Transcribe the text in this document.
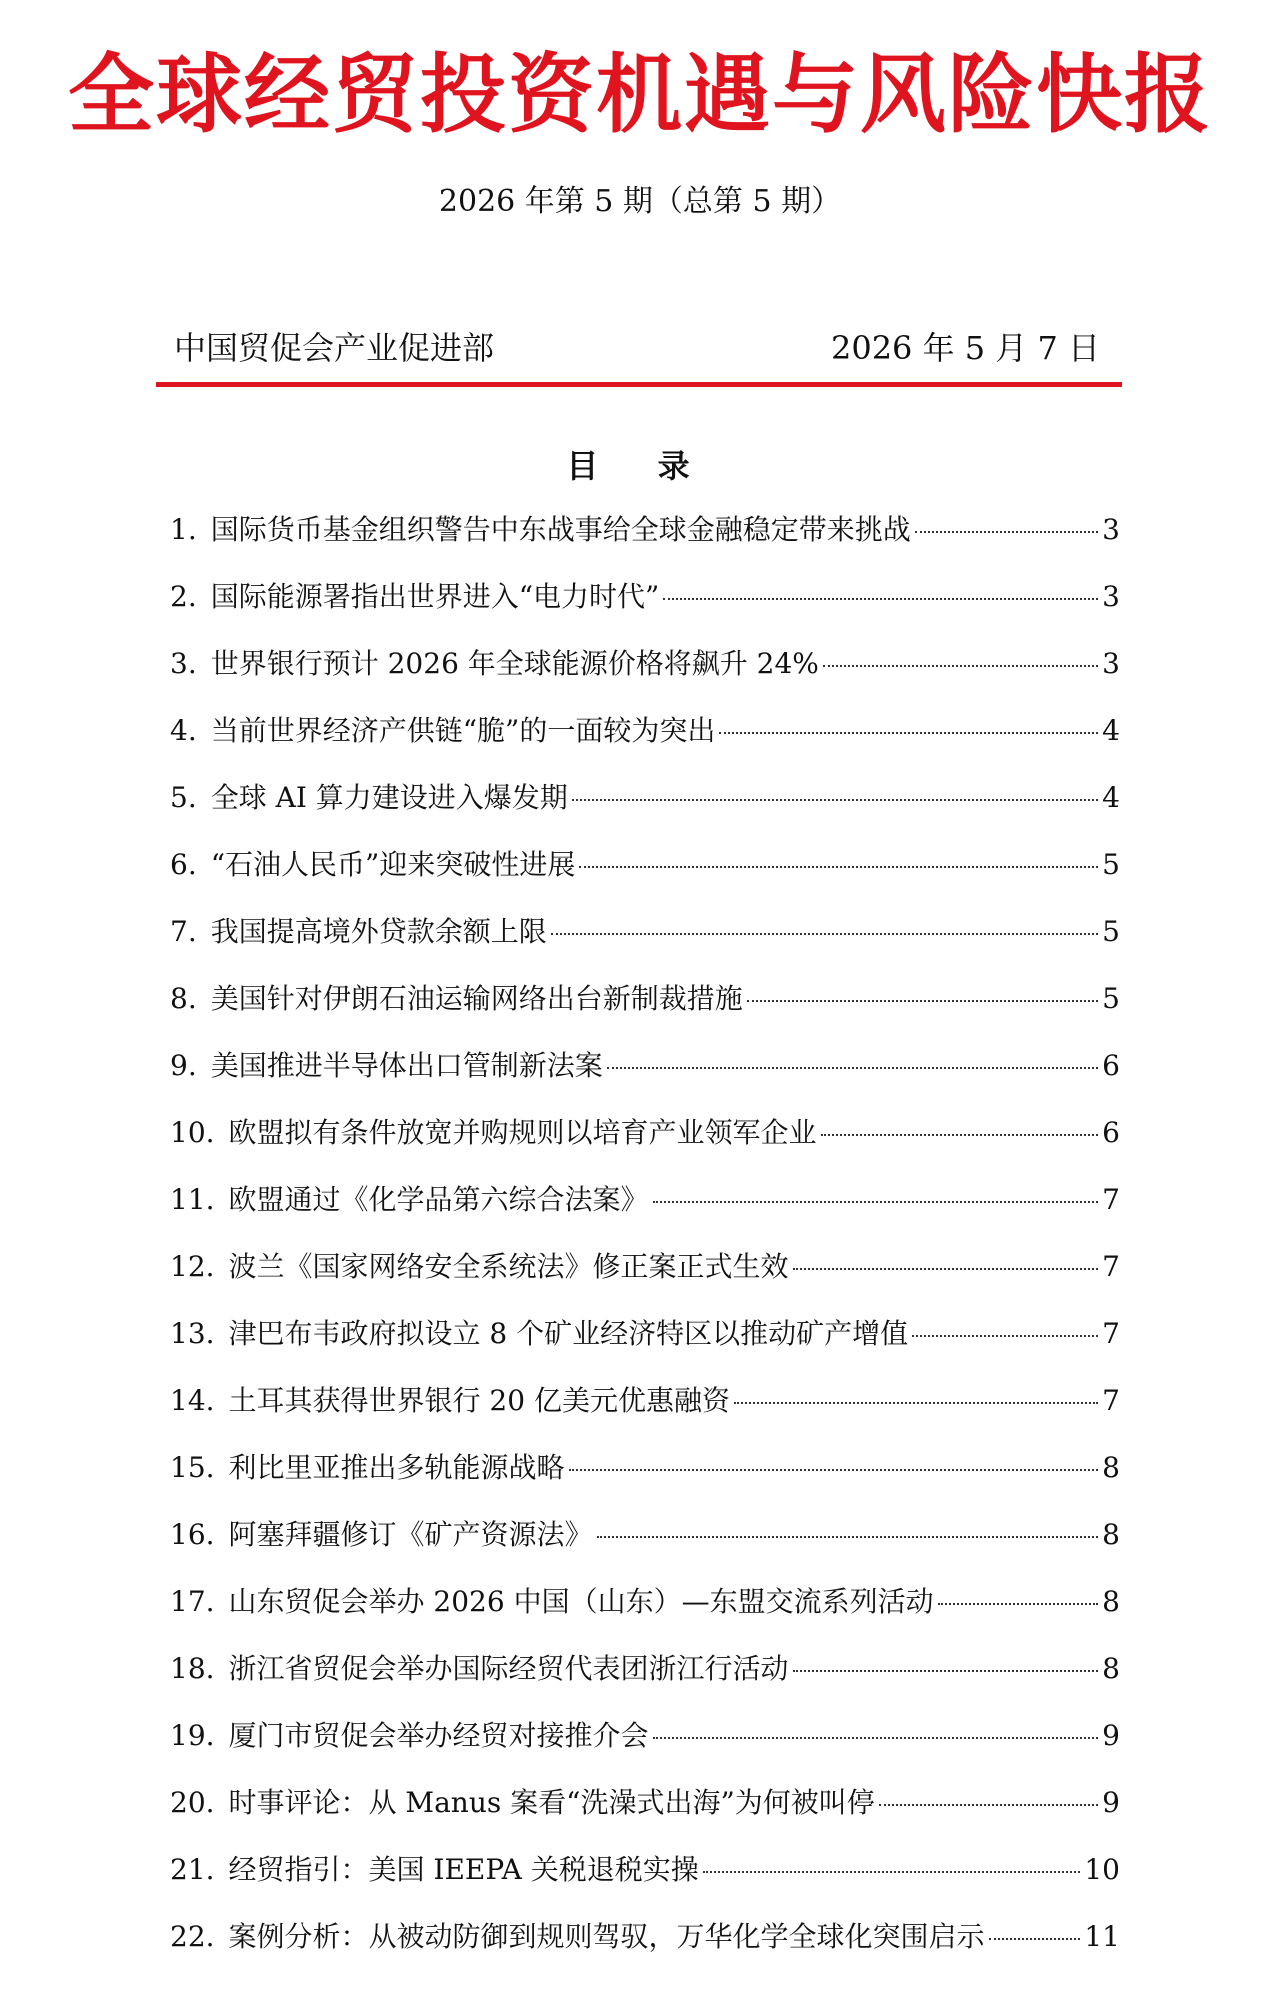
全球经贸投资机遇与风险快报
2026 年第 5 期（总第 5 期）
中国贸促会产业促进部	2026 年 5 月 7 日
目 录
1. 国际货币基金组织警告中东战事给全球金融稳定带来挑战	3
2. 国际能源署指出世界进入“电力时代”	3
3. 世界银行预计 2026 年全球能源价格将飙升 24%	3
4. 当前世界经济产供链“脆”的一面较为突出	4
5. 全球 AI 算力建设进入爆发期	4
6. “石油人民币”迎来突破性进展	5
7. 我国提高境外贷款余额上限	5
8. 美国针对伊朗石油运输网络出台新制裁措施	5
9. 美国推进半导体出口管制新法案	6
10. 欧盟拟有条件放宽并购规则以培育产业领军企业	6
11. 欧盟通过《化学品第六综合法案》	7
12. 波兰《国家网络安全系统法》修正案正式生效	7
13. 津巴布韦政府拟设立 8 个矿业经济特区以推动矿产增值	7
14. 土耳其获得世界银行 20 亿美元优惠融资	7
15. 利比里亚推出多轨能源战略	8
16. 阿塞拜疆修订《矿产资源法》	8
17. 山东贸促会举办 2026 中国（山东）—东盟交流系列活动	8
18. 浙江省贸促会举办国际经贸代表团浙江行活动	8
19. 厦门市贸促会举办经贸对接推介会	9
20. 时事评论：从 Manus 案看“洗澡式出海”为何被叫停	9
21. 经贸指引：美国 IEEPA 关税退税实操	10
22. 案例分析：从被动防御到规则驾驭，万华化学全球化突围启示	11
